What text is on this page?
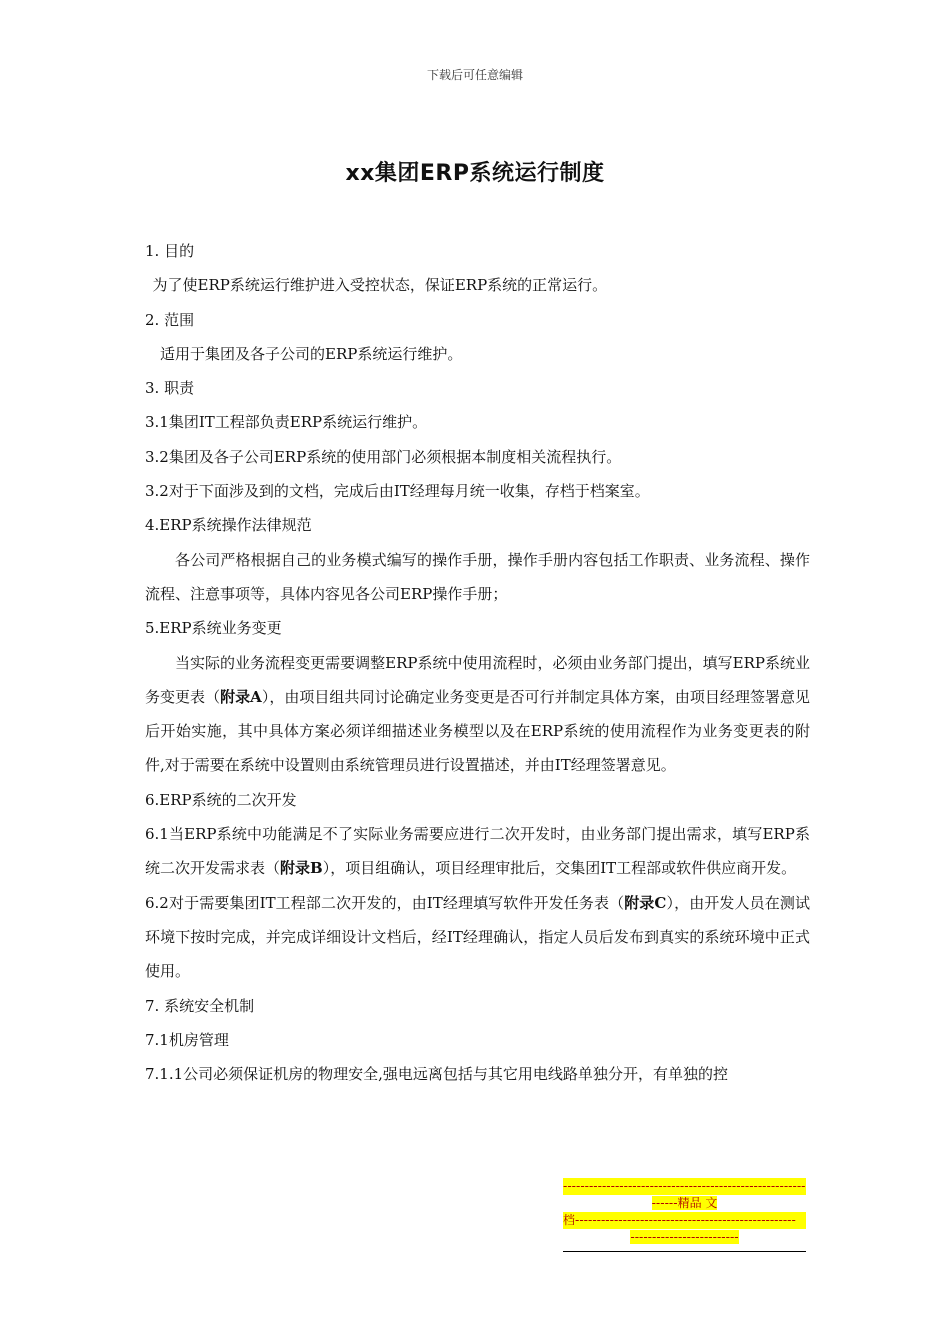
下载后可任意编辑
xx集团ERP系统运行制度

1. 目的

为了使ERP系统运行维护进入受控状态，保证ERP系统的正常运行。

2. 范围

适用于集团及各子公司的ERP系统运行维护。

3. 职责

3.1集团IT工程部负责ERP系统运行维护。

3.2集团及各子公司ERP系统的使用部门必须根据本制度相关流程执行。

3.2对于下面涉及到的文档，完成后由IT经理每月统一收集，存档于档案室。

4.ERP系统操作法律规范

各公司严格根据自己的业务模式编写的操作手册，操作手册内容包括工作职责、业务流程、操作流程、注意事项等，具体内容见各公司ERP操作手册；

5.ERP系统业务变更

当实际的业务流程变更需要调整ERP系统中使用流程时，必须由业务部门提出，填写ERP系统业务变更表（附录A），由项目组共同讨论确定业务变更是否可行并制定具体方案，由项目经理签署意见后开始实施，其中具体方案必须详细描述业务模型以及在ERP系统的使用流程作为业务变更表的附件,对于需要在系统中设置则由系统管理员进行设置描述，并由IT经理签署意见。

6.ERP系统的二次开发

6.1当ERP系统中功能满足不了实际业务需要应进行二次开发时，由业务部门提出需求，填写ERP系统二次开发需求表（附录B），项目组确认，项目经理审批后，交集团IT工程部或软件供应商开发。

6.2对于需要集团IT工程部二次开发的，由IT经理填写软件开发任务表（附录C），由开发人员在测试环境下按时完成，并完成详细设计文档后，经IT经理确认，指定人员后发布到真实的系统环境中正式使用。

7. 系统安全机制

7.1机房管理

7.1.1公司必须保证机房的物理安全,强电远离包括与其它用电线路单独分开，有单独的控

--------------------------------------------------------
------精品 文
档---------------------------------------------------
-------------------------
